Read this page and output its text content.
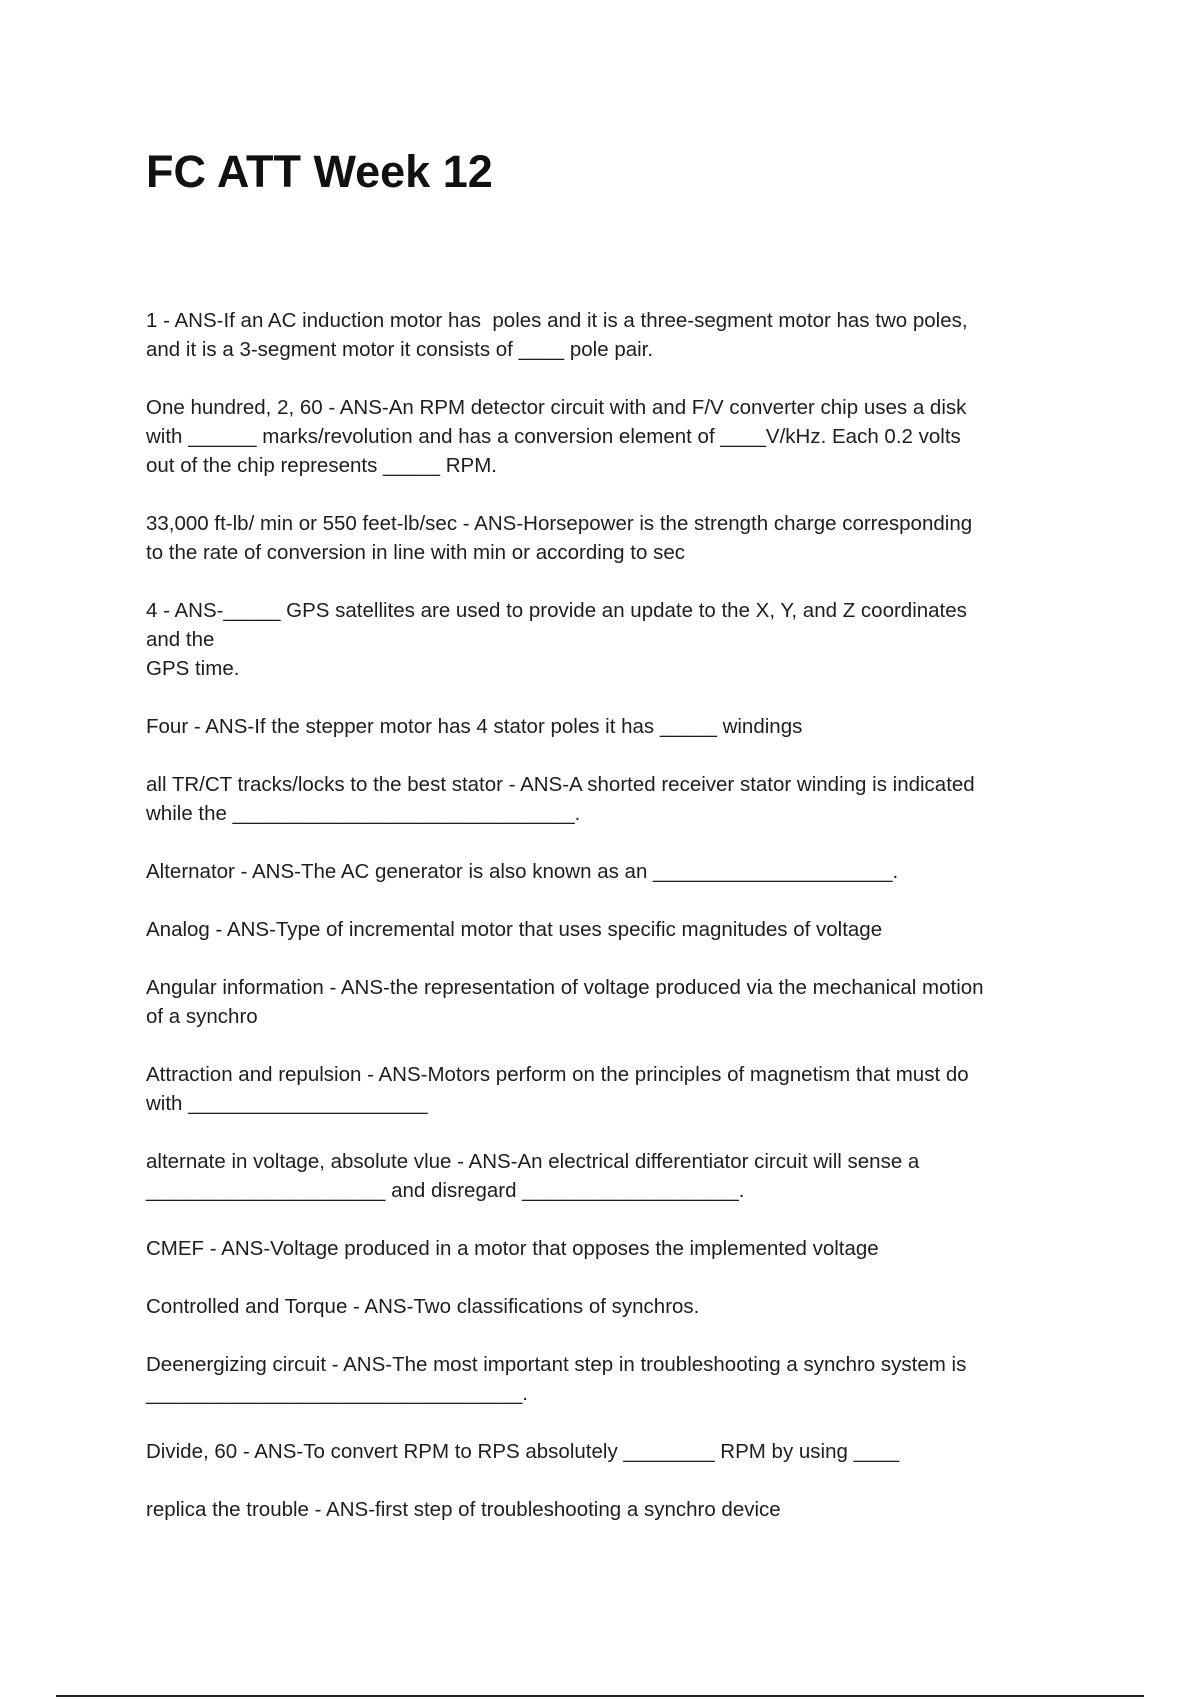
FC ATT Week 12

1 - ANS-If an AC induction motor has  poles and it is a three-segment motor has two poles,
and it is a 3-segment motor it consists of ____ pole pair.

One hundred, 2, 60 - ANS-An RPM detector circuit with and F/V converter chip uses a disk
with ______ marks/revolution and has a conversion element of ____V/kHz. Each 0.2 volts
out of the chip represents _____ RPM.

33,000 ft-lb/ min or 550 feet-lb/sec - ANS-Horsepower is the strength charge corresponding
to the rate of conversion in line with min or according to sec

4 - ANS-_____ GPS satellites are used to provide an update to the X, Y, and Z coordinates
and the
GPS time.

Four - ANS-If the stepper motor has 4 stator poles it has _____ windings

all TR/CT tracks/locks to the best stator - ANS-A shorted receiver stator winding is indicated
while the ______________________________.

Alternator - ANS-The AC generator is also known as an _____________________.

Analog - ANS-Type of incremental motor that uses specific magnitudes of voltage

Angular information - ANS-the representation of voltage produced via the mechanical motion
of a synchro

Attraction and repulsion - ANS-Motors perform on the principles of magnetism that must do
with _____________________

alternate in voltage, absolute vlue - ANS-An electrical differentiator circuit will sense a
_____________________ and disregard ___________________.

CMEF - ANS-Voltage produced in a motor that opposes the implemented voltage

Controlled and Torque - ANS-Two classifications of synchros.

Deenergizing circuit - ANS-The most important step in troubleshooting a synchro system is
_________________________________.

Divide, 60 - ANS-To convert RPM to RPS absolutely ________ RPM by using ____

replica the trouble - ANS-first step of troubleshooting a synchro device
